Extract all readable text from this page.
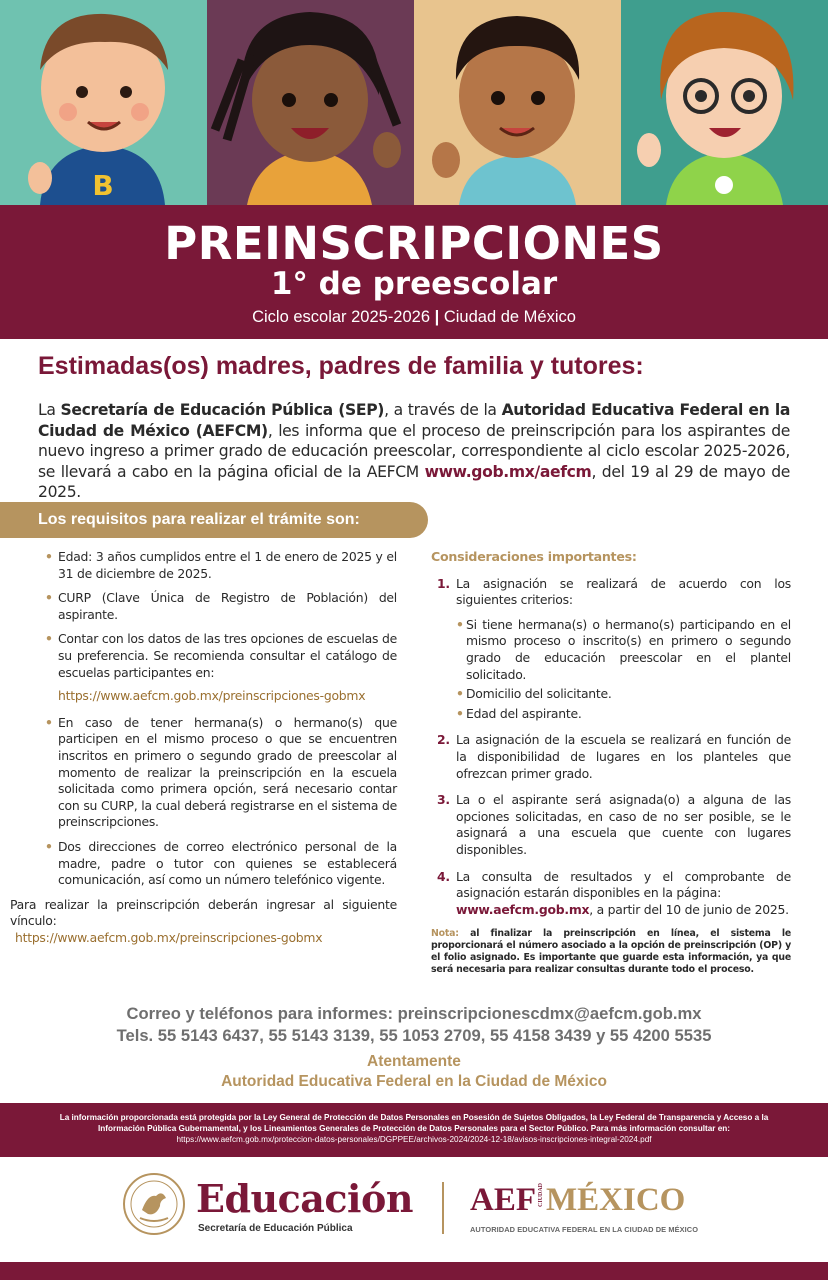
B
PREINSCRIPCIONES
1° de preescolar
Ciclo escolar 2025-2026 | Ciudad de México
Estimadas(os) madres, padres de familia y tutores:

La Secretaría de Educación Pública (SEP), a través de la Autoridad Educativa Federal en la Ciudad de México (AEFCM), les informa que el proceso de preinscripción para los aspirantes de nuevo ingreso a primer grado de educación preescolar, correspondiente al ciclo escolar 2025-2026, se llevará a cabo en la página oficial de la AEFCM www.gob.mx/aefcm, del 19 al 29 de mayo de 2025.

Los requisitos para realizar el trámite son:
• Edad: 3 años cumplidos entre el 1 de enero de 2025 y el 31 de diciembre de 2025.
• CURP (Clave Única de Registro de Población) del aspirante.
• Contar con los datos de las tres opciones de escuelas de su preferencia. Se recomienda consultar el catálogo de escuelas participantes en:
https://www.aefcm.gob.mx/preinscripciones-gobmx
• En caso de tener hermana(s) o hermano(s) que participen en el mismo proceso o que se encuentren inscritos en primero o segundo grado de preescolar al momento de realizar la preinscripción en la escuela solicitada como primera opción, será necesario contar con su CURP, la cual deberá registrarse en el sistema de preinscripciones.
• Dos direcciones de correo electrónico personal de la madre, padre o tutor con quienes se establecerá comunicación, así como un número telefónico vigente.

Para realizar la preinscripción deberán ingresar al siguiente vínculo:

https://www.aefcm.gob.mx/preinscripciones-gobmx
Consideraciones importantes:
1. La asignación se realizará de acuerdo con los siguientes criterios:
• Si tiene hermana(s) o hermano(s) participando en el mismo proceso o inscrito(s) en primero o segundo grado de educación preescolar en el plantel solicitado.
• Domicilio del solicitante.
• Edad del aspirante.
2. La asignación de la escuela se realizará en función de la disponibilidad de lugares en los planteles que ofrezcan primer grado.
3. La o el aspirante será asignada(o) a alguna de las opciones solicitadas, en caso de no ser posible, se le asignará a una escuela que cuente con lugares disponibles.
4. La consulta de resultados y el comprobante de asignación estarán disponibles en la página:
www.aefcm.gob.mx, a partir del 10 de junio de 2025.

Nota: al finalizar la preinscripción en línea, el sistema le proporcionará el número asociado a la opción de preinscripción (OP) y el folio asignado. Es importante que guarde esta información, ya que será necesaria para realizar consultas durante todo el proceso.

Correo y teléfonos para informes: preinscripcionescdmx@aefcm.gob.mx
Tels. 55 5143 6437, 55 5143 3139, 55 1053 2709, 55 4158 3439 y 55 4200 5535
Atentamente
Autoridad Educativa Federal en la Ciudad de México
La información proporcionada está protegida por la Ley General de Protección de Datos Personales en Posesión de Sujetos Obligados, la Ley Federal de Transparencia y Acceso a la Información Pública Gubernamental, y los Lineamientos Generales de Protección de Datos Personales para el Sector Público. Para más información consultar en:
https://www.aefcm.gob.mx/proteccion-datos-personales/DGPPEE/archivos-2024/2024-12-18/avisos-inscripciones-integral-2024.pdf
Educación
Secretaría de Educación Pública
AEF CIUDADMÉXICO
AUTORIDAD EDUCATIVA FEDERAL EN LA CIUDAD DE MÉXICO
